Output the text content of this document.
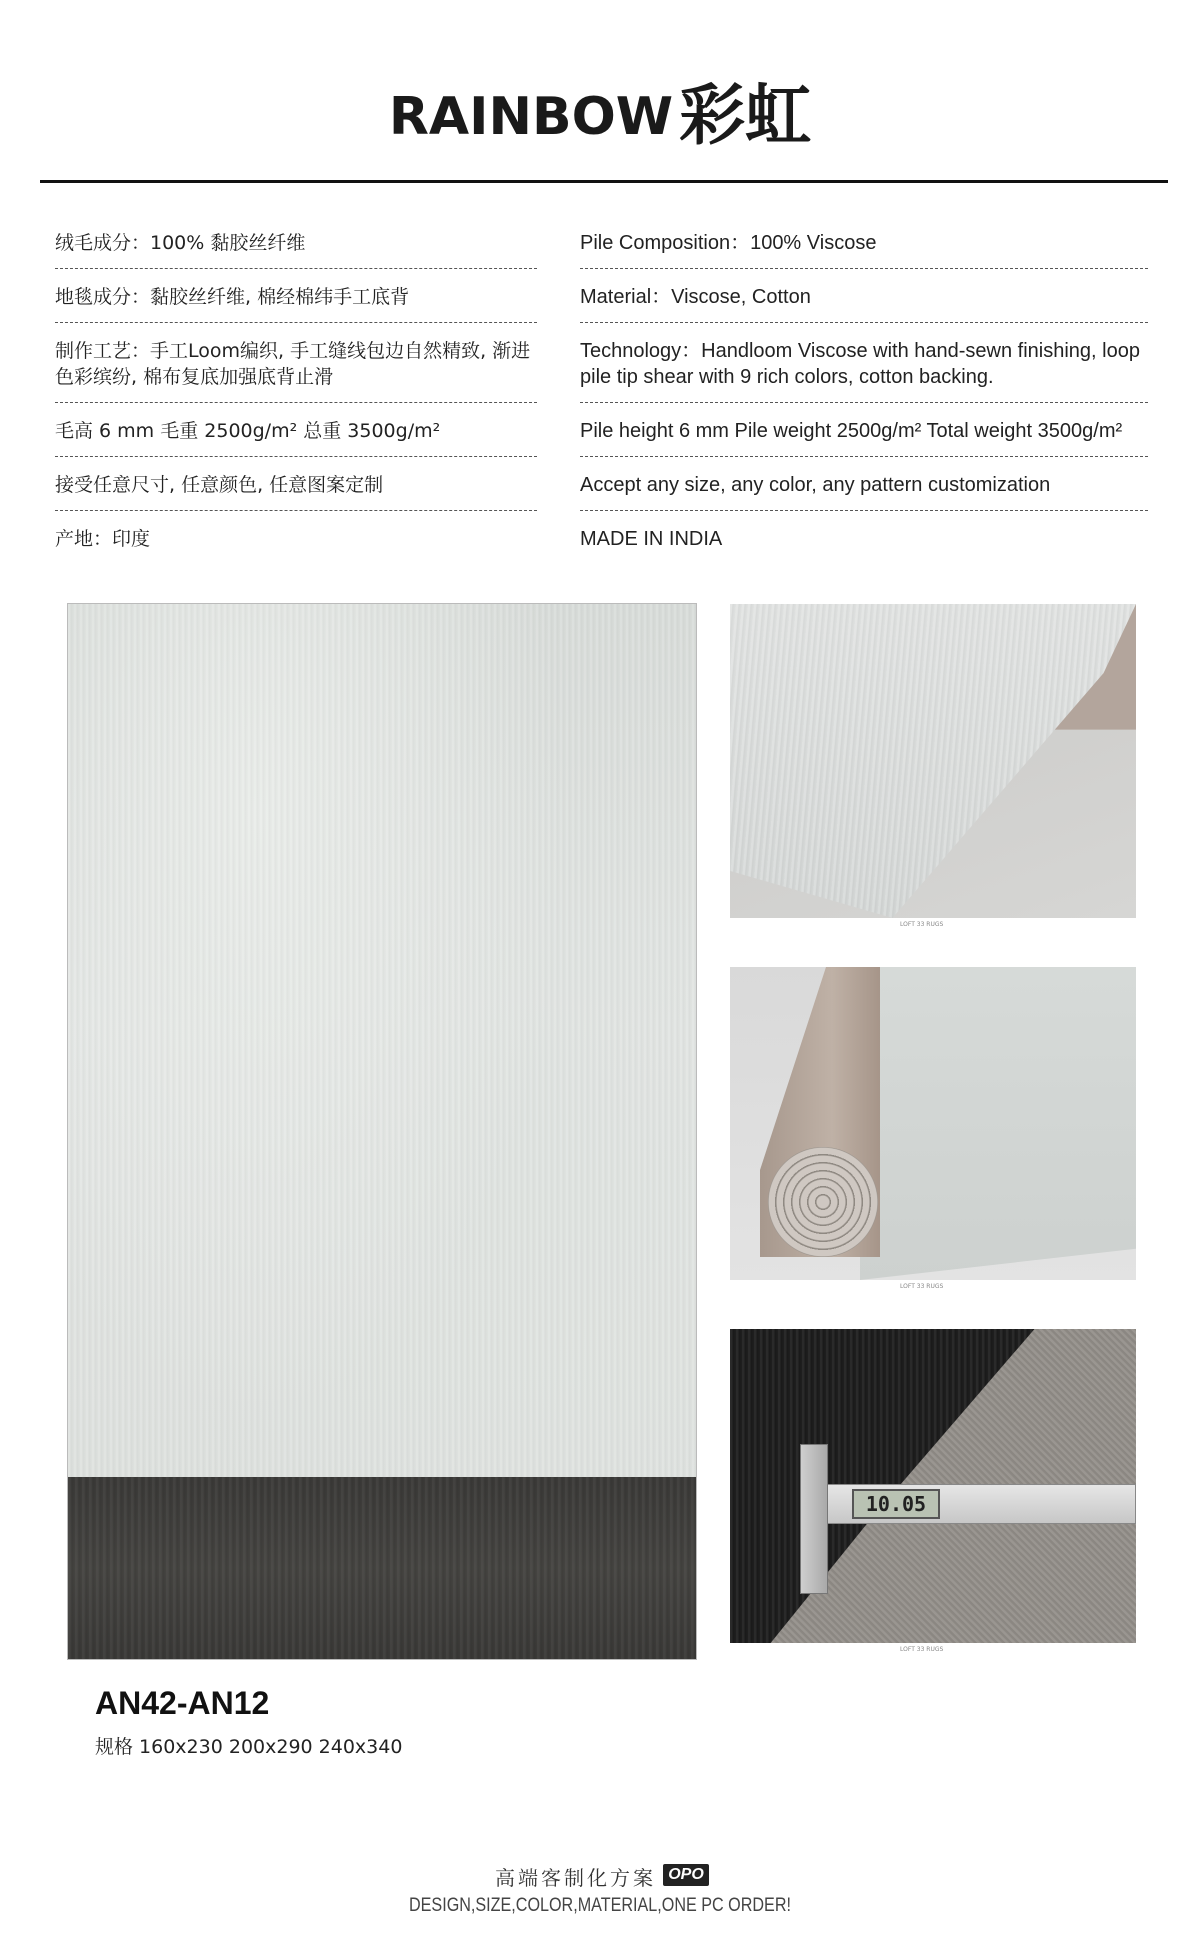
RAINBOW彩虹
绒毛成分：100% 黏胶丝纤维
地毯成分：黏胶丝纤维, 棉经棉纬手工底背
制作工艺：手工Loom编织, 手工缝线包边自然精致, 渐进色彩缤纷, 棉布复底加强底背止滑
毛高 6 mm 毛重 2500g/m² 总重 3500g/m²
接受任意尺寸, 任意颜色, 任意图案定制
产地：印度
Pile Composition：100% Viscose
Material：Viscose, Cotton
Technology：Handloom Viscose with hand-sewn finishing, loop pile tip shear with 9 rich colors, cotton backing.
Pile height 6 mm Pile weight 2500g/m² Total weight 3500g/m²
Accept any size, any color, any pattern customization
MADE IN INDIA
LOFT 33 RUGS
LOFT 33 RUGS
10.05
LOFT 33 RUGS
AN42-AN12
规格 160x230 200x290 240x340
高端客制化方案 OPO
DESIGN,SIZE,COLOR,MATERIAL,ONE PC ORDER!
